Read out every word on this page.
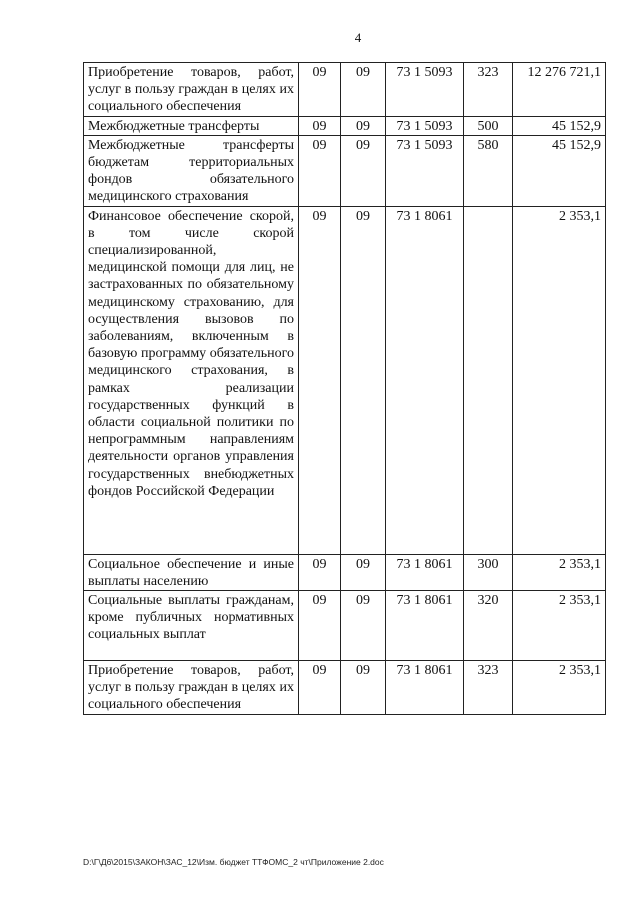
4
Приобретение товаров, работ, услуг в пользу граждан в целях их социального обеспечения	09	09	73 1 5093	323	12 276 721,1
Межбюджетные трансферты	09	09	73 1 5093	500	45 152,9
Межбюджетные трансферты бюджетам территориальных фондов обязательного медицинского страхования	09	09	73 1 5093	580	45 152,9
Финансовое обеспечение скорой, в том числе скорой специализированной, медицинской помощи для лиц, не застрахованных по обязательному медицинскому страхованию, для осуществления вызовов по заболеваниям, включенным в базовую программу обязательного медицинского страхования, в рамках реализации государственных функций в области социальной политики по непрограммным направлениям деятельности органов управления государственных внебюджетных фондов Российской Федерации	09	09	73 1 8061		2 353,1
Социальное обеспечение и иные выплаты населению	09	09	73 1 8061	300	2 353,1
Социальные выплаты гражданам, кроме публичных нормативных социальных выплат	09	09	73 1 8061	320	2 353,1
Приобретение товаров, работ, услуг в пользу граждан в целях их социального обеспечения	09	09	73 1 8061	323	2 353,1
D:\Г\Д6\2015\ЗАКОН\ЗАС_12\Изм. бюджет ТТФОМС_2 чт\Приложение 2.doc
